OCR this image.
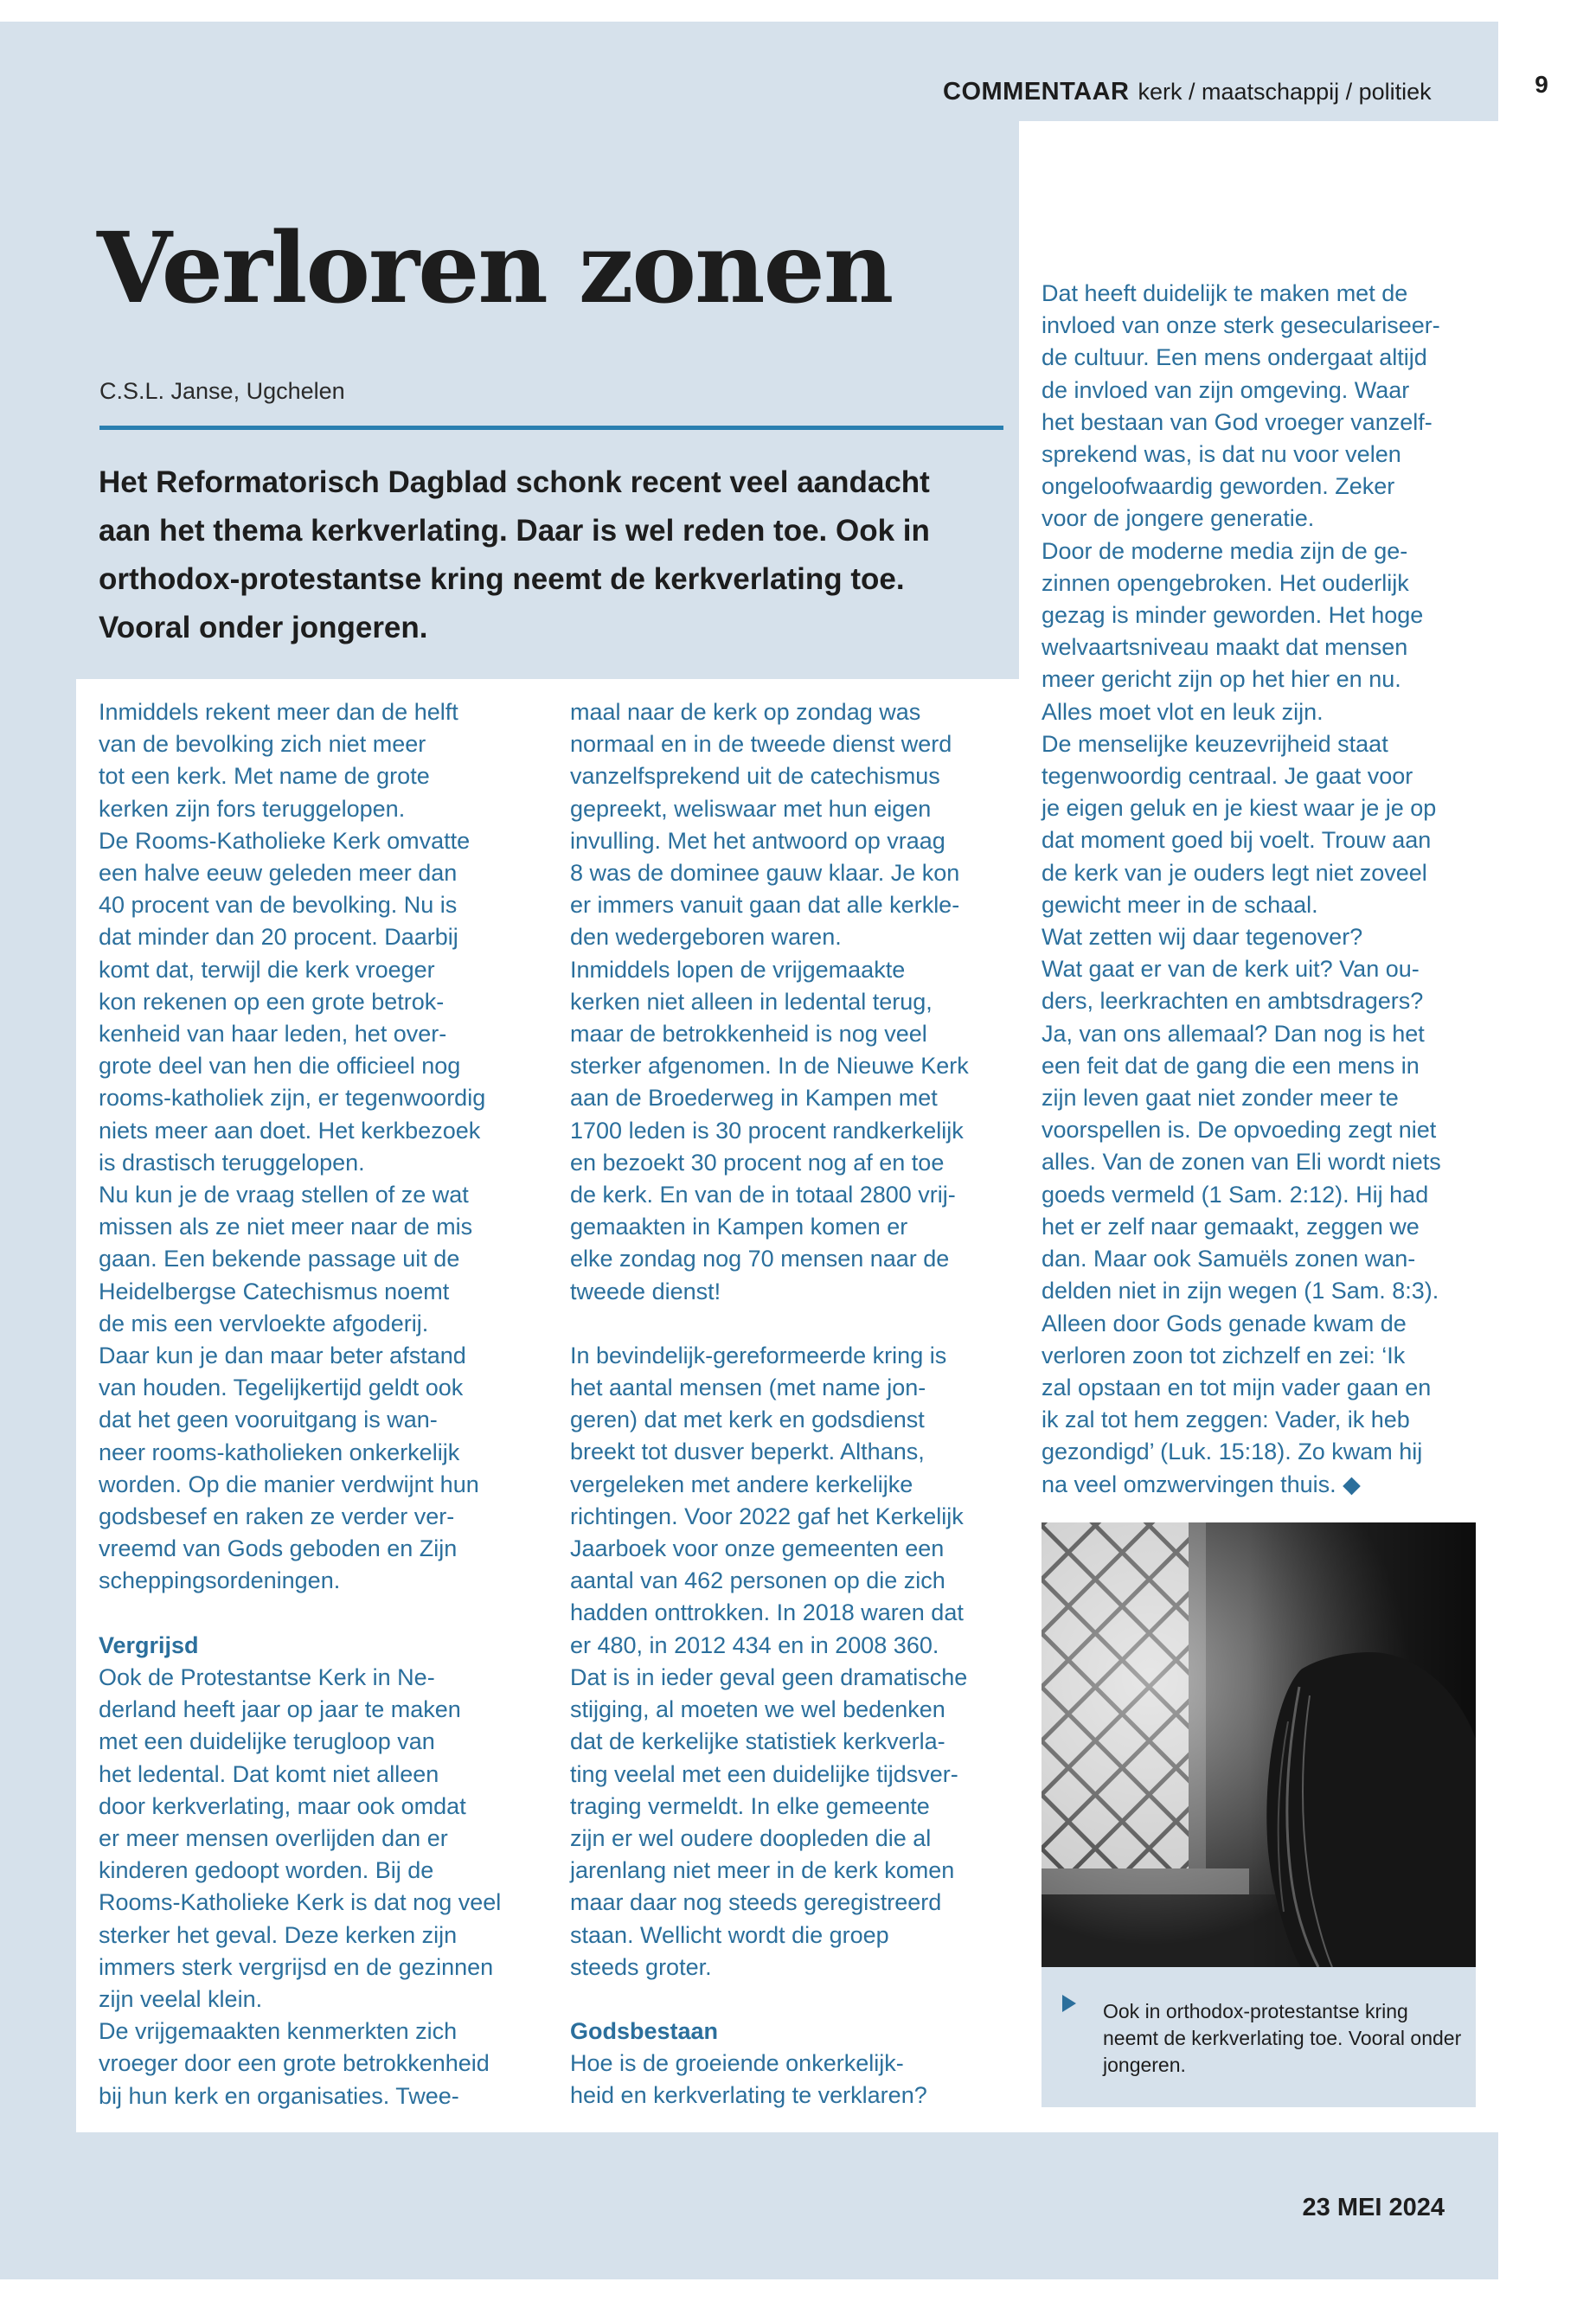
9
COMMENTAAR kerk / maatschappij / politiek
Verloren zonen
C.S.L. Janse, Ugchelen
Het Reformatorisch Dagblad schonk recent veel aandacht aan het thema kerkverlating. Daar is wel reden toe. Ook in orthodox-protestantse kring neemt de kerkverlating toe. Vooral onder jongeren.

Inmiddels rekent meer dan de helft

van de bevolking zich niet meer

tot een kerk. Met name de grote

kerken zijn fors teruggelopen.

De Rooms-Katholieke Kerk omvatte

een halve eeuw geleden meer dan

40 procent van de bevolking. Nu is

dat minder dan 20 procent. Daarbij

komt dat, terwijl die kerk vroeger

kon rekenen op een grote betrok-

kenheid van haar leden, het over-

grote deel van hen die officieel nog

rooms-katholiek zijn, er tegenwoordig

niets meer aan doet. Het kerkbezoek

is drastisch teruggelopen.

Nu kun je de vraag stellen of ze wat

missen als ze niet meer naar de mis

gaan. Een bekende passage uit de

Heidelbergse Catechismus noemt

de mis een vervloekte afgoderij.

Daar kun je dan maar beter afstand

van houden. Tegelijkertijd geldt ook

dat het geen vooruitgang is wan-

neer rooms-katholieken onkerkelijk

worden. Op die manier verdwijnt hun

godsbesef en raken ze verder ver-

vreemd van Gods geboden en Zijn

scheppingsordeningen.

Vergrijsd

Ook de Protestantse Kerk in Ne-

derland heeft jaar op jaar te maken

met een duidelijke terugloop van

het ledental. Dat komt niet alleen

door kerkverlating, maar ook omdat

er meer mensen overlijden dan er

kinderen gedoopt worden. Bij de

Rooms-Katholieke Kerk is dat nog veel

sterker het geval. Deze kerken zijn

immers sterk vergrijsd en de gezinnen

zijn veelal klein.

De vrijgemaakten kenmerkten zich

vroeger door een grote betrokkenheid

bij hun kerk en organisaties. Twee-

maal naar de kerk op zondag was

normaal en in de tweede dienst werd

vanzelfsprekend uit de catechismus

gepreekt, weliswaar met hun eigen

invulling. Met het antwoord op vraag

8 was de dominee gauw klaar. Je kon

er immers vanuit gaan dat alle kerkle-

den wedergeboren waren.

Inmiddels lopen de vrijgemaakte

kerken niet alleen in ledental terug,

maar de betrokkenheid is nog veel

sterker afgenomen. In de Nieuwe Kerk

aan de Broederweg in Kampen met

1700 leden is 30 procent randkerkelijk

en bezoekt 30 procent nog af en toe

de kerk. En van de in totaal 2800 vrij-

gemaakten in Kampen komen er

elke zondag nog 70 mensen naar de

tweede dienst!

In bevindelijk-gereformeerde kring is

het aantal mensen (met name jon-

geren) dat met kerk en godsdienst

breekt tot dusver beperkt. Althans,

vergeleken met andere kerkelijke

richtingen. Voor 2022 gaf het Kerkelijk

Jaarboek voor onze gemeenten een

aantal van 462 personen op die zich

hadden onttrokken. In 2018 waren dat

er 480, in 2012 434 en in 2008 360.

Dat is in ieder geval geen dramatische

stijging, al moeten we wel bedenken

dat de kerkelijke statistiek kerkverla-

ting veelal met een duidelijke tijdsver-

traging vermeldt. In elke gemeente

zijn er wel oudere doopleden die al

jarenlang niet meer in de kerk komen

maar daar nog steeds geregistreerd

staan. Wellicht wordt die groep

steeds groter.

Godsbestaan

Hoe is de groeiende onkerkelijk-

heid en kerkverlating te verklaren?

Dat heeft duidelijk te maken met de

invloed van onze sterk geseculariseer-

de cultuur. Een mens ondergaat altijd

de invloed van zijn omgeving. Waar

het bestaan van God vroeger vanzelf-

sprekend was, is dat nu voor velen

ongeloofwaardig geworden. Zeker

voor de jongere generatie.

Door de moderne media zijn de ge-

zinnen opengebroken. Het ouderlijk

gezag is minder geworden. Het hoge

welvaartsniveau maakt dat mensen

meer gericht zijn op het hier en nu.

Alles moet vlot en leuk zijn.

De menselijke keuzevrijheid staat

tegenwoordig centraal. Je gaat voor

je eigen geluk en je kiest waar je je op

dat moment goed bij voelt. Trouw aan

de kerk van je ouders legt niet zoveel

gewicht meer in de schaal.

Wat zetten wij daar tegenover?

Wat gaat er van de kerk uit? Van ou-

ders, leerkrachten en ambtsdragers?

Ja, van ons allemaal? Dan nog is het

een feit dat de gang die een mens in

zijn leven gaat niet zonder meer te

voorspellen is. De opvoeding zegt niet

alles. Van de zonen van Eli wordt niets

goeds vermeld (1 Sam. 2:12). Hij had

het er zelf naar gemaakt, zeggen we

dan. Maar ook Samuëls zonen wan-

delden niet in zijn wegen (1 Sam. 8:3).

Alleen door Gods genade kwam de

verloren zoon tot zichzelf en zei: ‘Ik

zal opstaan en tot mijn vader gaan en

ik zal tot hem zeggen: Vader, ik heb

gezondigd’ (Luk. 15:18). Zo kwam hij

na veel omzwervingen thuis. ◆

Ook in orthodox-protestantse kring neemt de kerkverlating toe. Vooral onder jongeren.
23 MEI 2024
